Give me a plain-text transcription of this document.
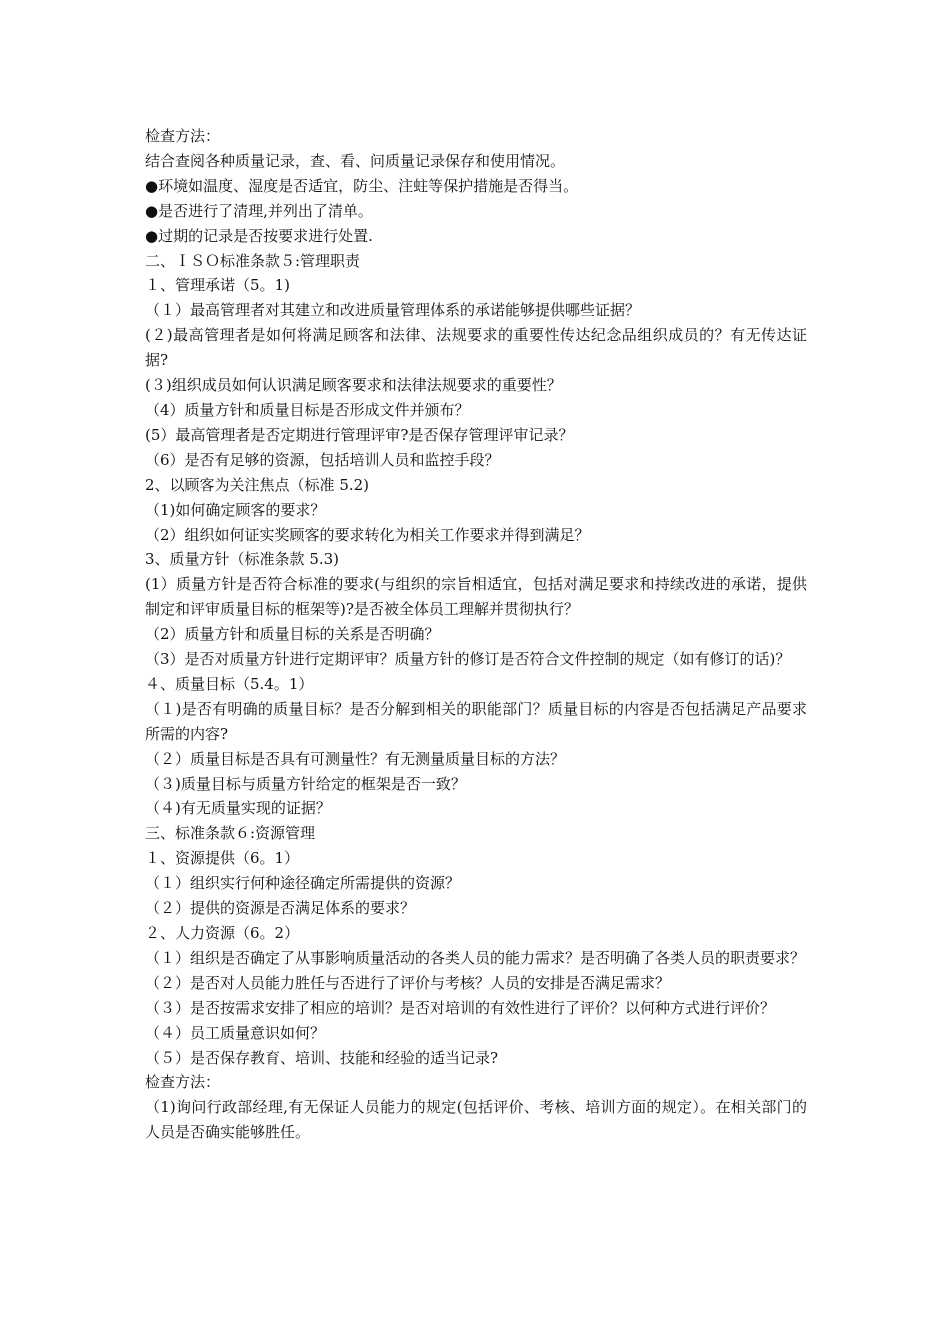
检查方法：

结合查阅各种质量记录，查、看、问质量记录保存和使用情况。

●环境如温度、湿度是否适宜，防尘、注蛀等保护措施是否得当。

●是否进行了清理,并列出了清单。

●过期的记录是否按要求进行处置.

二、ＩＳＯ标准条款５:管理职责

１、管理承诺（5。1)

（１）最高管理者对其建立和改进质量管理体系的承诺能够提供哪些证据？

(２)最高管理者是如何将满足顾客和法律、法规要求的重要性传达纪念品组织成员的？有无传达证据?

(３)组织成员如何认识满足顾客要求和法律法规要求的重要性？

（4）质量方针和质量目标是否形成文件并颁布？

(5）最高管理者是否定期进行管理评审?是否保存管理评审记录？

（6）是否有足够的资源，包括培训人员和监控手段？

2、以顾客为关注焦点（标准 5.2)

（1)如何确定顾客的要求？

（2）组织如何证实奖顾客的要求转化为相关工作要求并得到满足？

3、质量方针（标准条款 5.3)

(1）质量方针是否符合标准的要求(与组织的宗旨相适宜，包括对满足要求和持续改进的承诺，提供制定和评审质量目标的框架等)?是否被全体员工理解并贯彻执行？

（2）质量方针和质量目标的关系是否明确？

（3）是否对质量方针进行定期评审？质量方针的修订是否符合文件控制的规定（如有修订的话)？

４、质量目标（5.4。1）

（１)是否有明确的质量目标？是否分解到相关的职能部门？质量目标的内容是否包括满足产品要求所需的内容?

（２）质量目标是否具有可测量性？有无测量质量目标的方法？

（３)质量目标与质量方针给定的框架是否一致？

（４)有无质量实现的证据？

三、标准条款６:资源管理

１、资源提供（6。1）

（１）组织实行何种途径确定所需提供的资源？

（２）提供的资源是否满足体系的要求？

２、人力资源（6。2）

（１）组织是否确定了从事影响质量活动的各类人员的能力需求？是否明确了各类人员的职责要求？

（２）是否对人员能力胜任与否进行了评价与考核？人员的安排是否满足需求？

（３）是否按需求安排了相应的培训？是否对培训的有效性进行了评价？以何种方式进行评价？

（４）员工质量意识如何？

（５）是否保存教育、培训、技能和经验的适当记录?

检查方法：

（1)询问行政部经理,有无保证人员能力的规定(包括评价、考核、培训方面的规定）。在相关部门的人员是否确实能够胜任。
